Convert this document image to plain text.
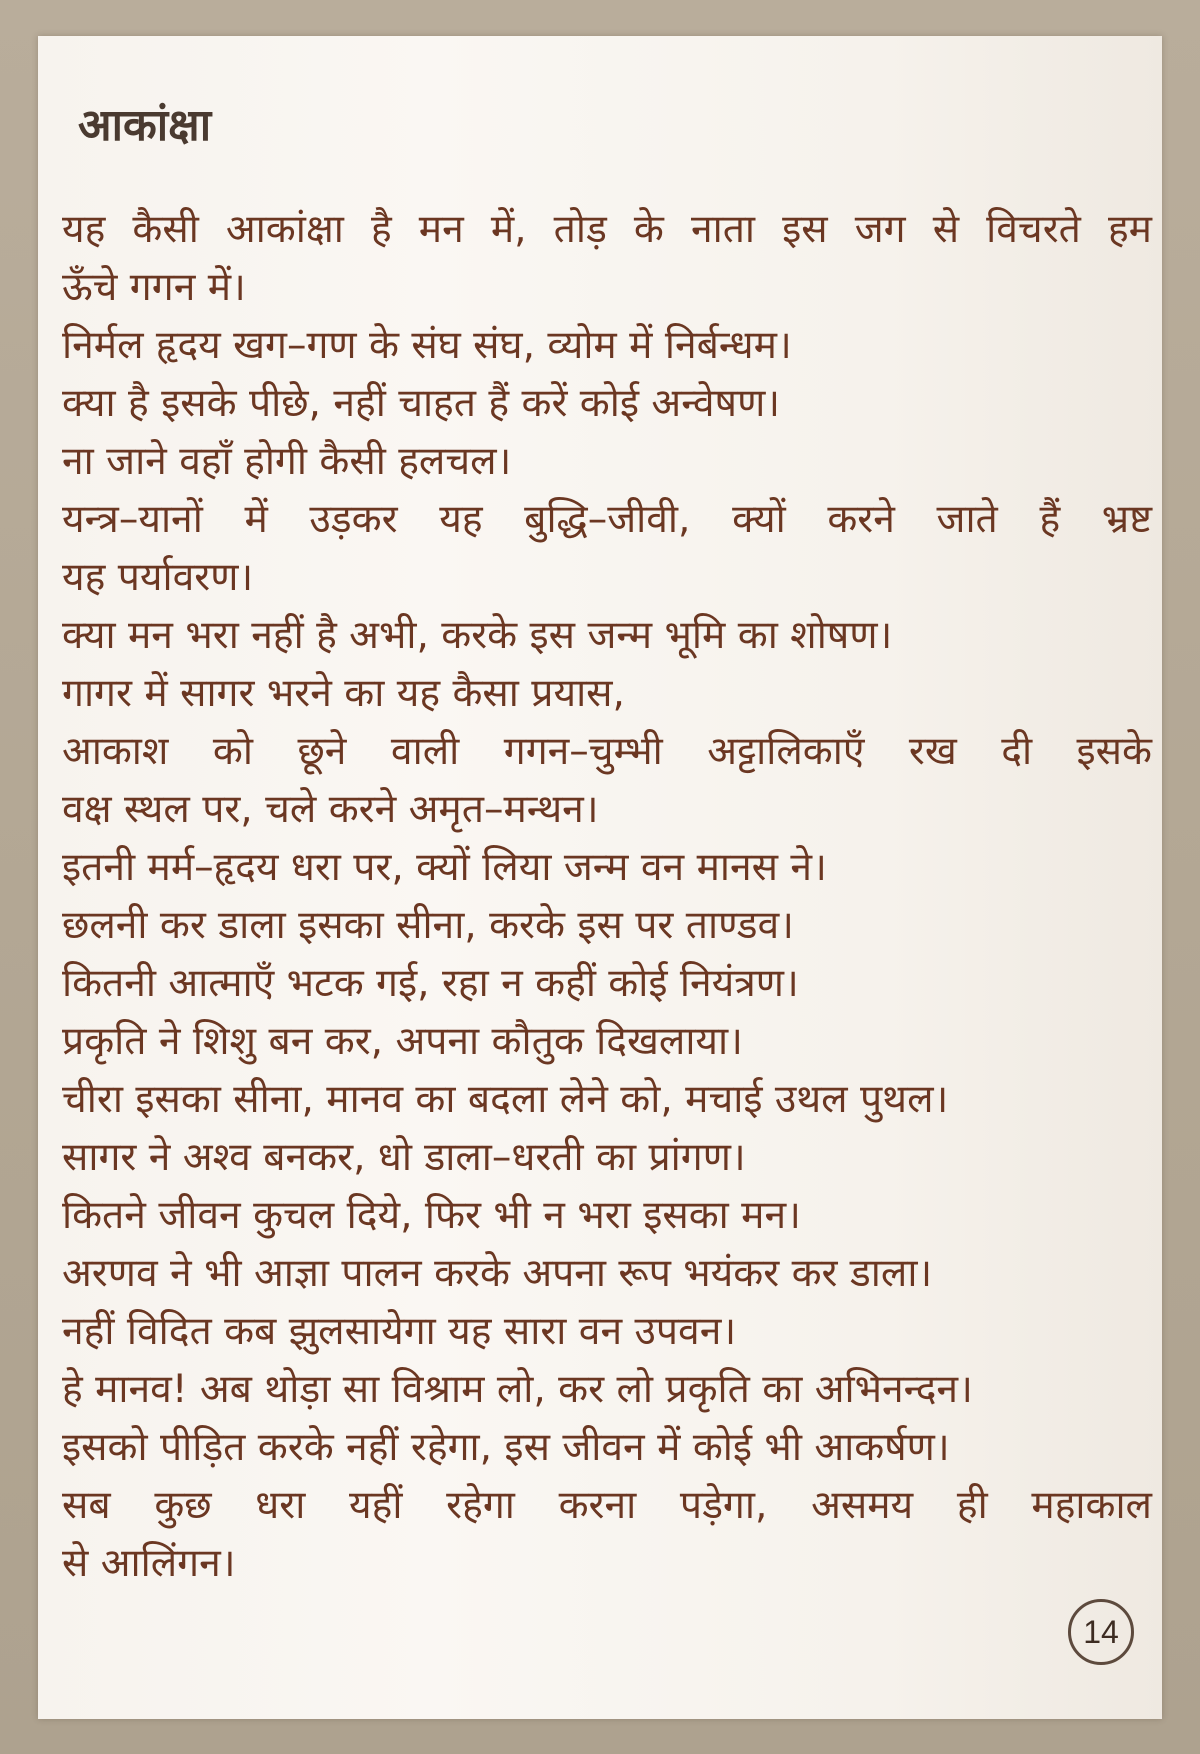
आकांक्षा
यह कैसी आकांक्षा है मन में, तोड़ के नाता इस जग से विचरते हम
ऊँचे गगन में।
निर्मल हृदय खग–गण के संघ संघ, व्योम में निर्बन्धम।
क्या है इसके पीछे, नहीं चाहत हैं करें कोई अन्वेषण।
ना जाने वहाँ होगी कैसी हलचल।
यन्त्र–यानों में उड़कर यह बुद्धि–जीवी, क्यों करने जाते हैं भ्रष्ट
यह पर्यावरण।
क्या मन भरा नहीं है अभी, करके इस जन्म भूमि का शोषण।
गागर में सागर भरने का यह कैसा प्रयास,
आकाश को छूने वाली गगन–चुम्भी अट्टालिकाएँ रख दी इसके
वक्ष स्थल पर, चले करने अमृत–मन्थन।
इतनी मर्म–हृदय धरा पर, क्यों लिया जन्म वन मानस ने।
छलनी कर डाला इसका सीना, करके इस पर ताण्डव।
कितनी आत्माएँ भटक गई, रहा न कहीं कोई नियंत्रण।
प्रकृति ने शिशु बन कर, अपना कौतुक दिखलाया।
चीरा इसका सीना, मानव का बदला लेने को, मचाई उथल पुथल।
सागर ने अश्व बनकर, धो डाला–धरती का प्रांगण।
कितने जीवन कुचल दिये, फिर भी न भरा इसका मन।
अरणव ने भी आज्ञा पालन करके अपना रूप भयंकर कर डाला।
नहीं विदित कब झुलसायेगा यह सारा वन उपवन।
हे मानव! अब थोड़ा सा विश्राम लो, कर लो प्रकृति का अभिनन्दन।
इसको पीड़ित करके नहीं रहेगा, इस जीवन में कोई भी आकर्षण।
सब कुछ धरा यहीं रहेगा करना पड़ेगा, असमय ही महाकाल
से आलिंगन।
14
